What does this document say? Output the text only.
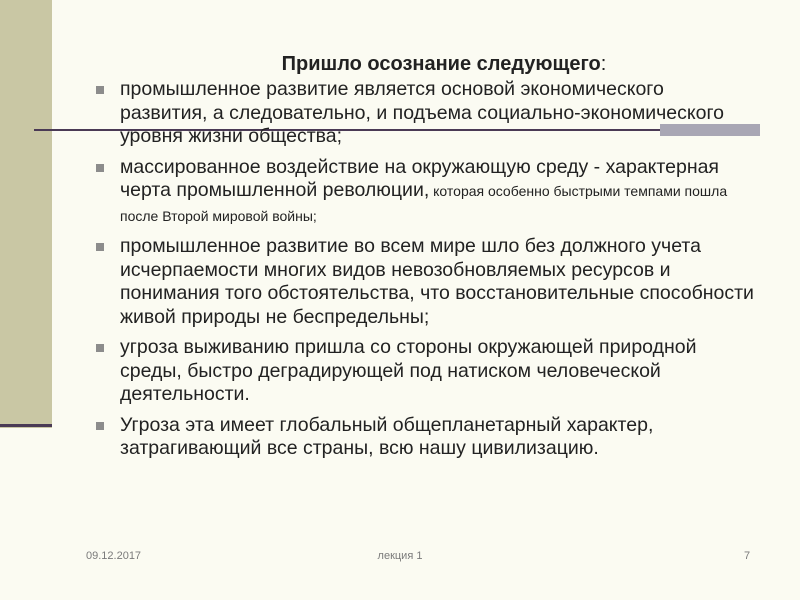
Пришло осознание следующего:
промышленное развитие является основой экономического развития, а следовательно, и подъема социально-экономического уровня жизни общества;
массированное воздействие на окружающую среду - характерная черта промышленной революции, которая особенно быстрыми темпами пошла после Второй мировой войны;
промышленное развитие во всем мире шло без должного учета исчерпаемости многих видов невозобновляемых ресурсов и понимания того обстоятельства, что восстановительные способности живой природы не беспредельны;
угроза выживанию пришла со стороны окружающей природной среды, быстро деградирующей под натиском человеческой деятельности.
Угроза эта имеет глобальный общепланетарный характер, затрагивающий все страны, всю нашу цивилизацию.
09.12.2017	лекция 1	7
